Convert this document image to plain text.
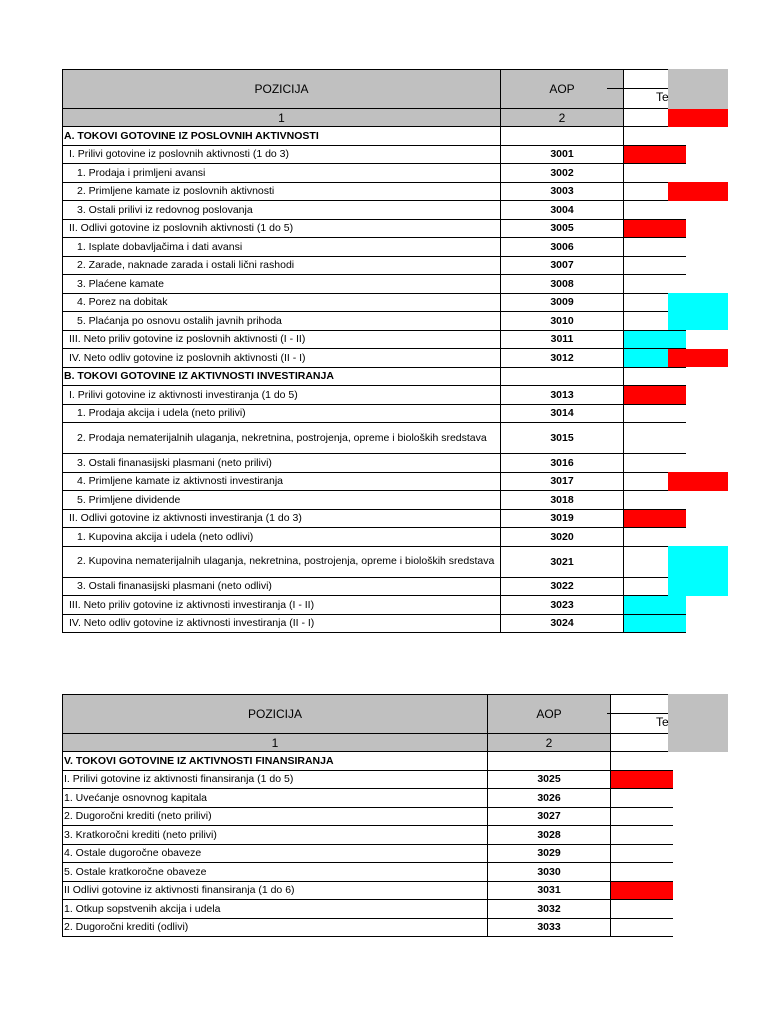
POZICIJA	AOP	
1	2	
A. TOKOVI GOTOVINE IZ POSLOVNIH AKTIVNOSTI		
I. Prilivi gotovine iz poslovnih aktivnosti (1 do 3)	3001	
1. Prodaja i primljeni avansi	3002	
2. Primljene kamate iz poslovnih aktivnosti	3003	
3. Ostali prilivi iz redovnog poslovanja	3004	
II. Odlivi gotovine iz poslovnih aktivnosti (1 do 5)	3005	
1. Isplate dobavljačima i dati avansi	3006	
2. Zarade, naknade zarada i ostali lični rashodi	3007	
3. Plaćene kamate	3008	
4. Porez na dobitak	3009	
5. Plaćanja po osnovu ostalih javnih prihoda	3010	
III. Neto priliv gotovine iz poslovnih aktivnosti (I - II)	3011	
IV. Neto odliv gotovine iz poslovnih aktivnosti (II - I)	3012	
B. TOKOVI GOTOVINE IZ AKTIVNOSTI INVESTIRANJA		
I. Prilivi gotovine iz aktivnosti investiranja (1 do 5)	3013	
1. Prodaja akcija i udela (neto prilivi)	3014	
2. Prodaja nematerijalnih ulaganja, nekretnina, postrojenja, opreme i bioloških sredstava	3015	
3. Ostali finanasijski plasmani (neto prilivi)	3016	
4. Primljene kamate iz aktivnosti investiranja	3017	
5. Primljene dividende	3018	
II. Odlivi gotovine iz aktivnosti investiranja (1 do 3)	3019	
1. Kupovina akcija i udela (neto odlivi)	3020	
2. Kupovina nematerijalnih ulaganja, nekretnina, postrojenja, opreme i bioloških sredstava	3021	
3. Ostali finanasijski plasmani (neto odlivi)	3022	
III. Neto priliv gotovine iz aktivnosti investiranja (I - II)	3023	
IV. Neto odliv gotovine iz aktivnosti investiranja (II - I)	3024	
POZICIJA	AOP	
1	2	
V. TOKOVI GOTOVINE IZ AKTIVNOSTI FINANSIRANJA		
I. Prilivi gotovine iz aktivnosti finansiranja (1 do 5)	3025	
1. Uvećanje osnovnog kapitala	3026	
2. Dugoročni krediti (neto prilivi)	3027	
3. Kratkoročni krediti (neto prilivi)	3028	
4. Ostale dugoročne obaveze	3029	
5. Ostale kratkoročne obaveze	3030	
II Odlivi gotovine iz aktivnosti finansiranja (1 do 6)	3031	
1. Otkup sopstvenih akcija i udela	3032	
2. Dugoročni krediti (odlivi)	3033	
Te
Te
